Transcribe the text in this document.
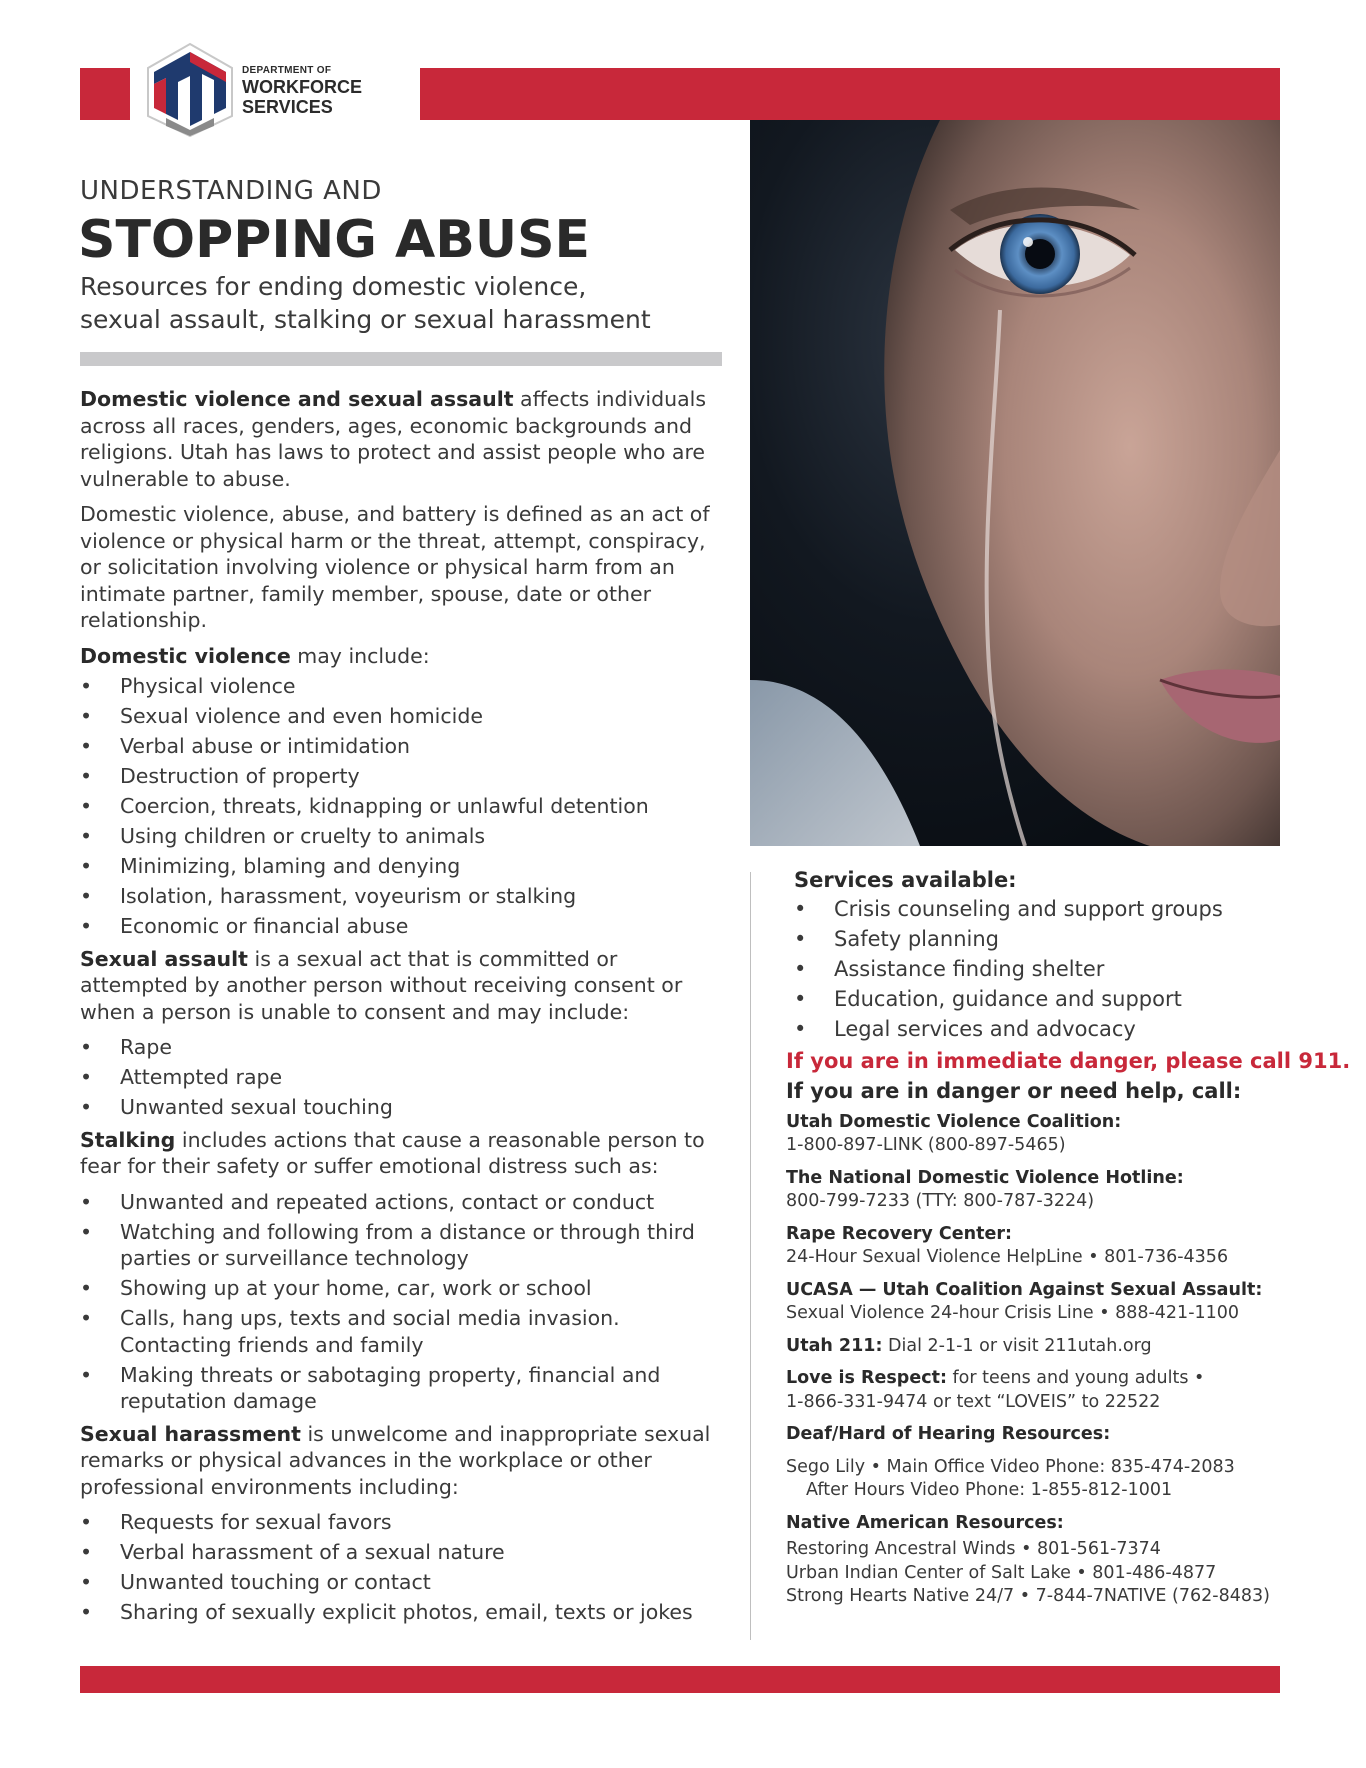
DEPARTMENT OF
WORKFORCE
SERVICES
UNDERSTANDING AND
STOPPING ABUSE
Resources for ending domestic violence,
sexual assault, stalking or sexual harassment

Domestic violence and sexual assault affects individuals across all races, genders, ages, economic backgrounds and religions. Utah has laws to protect and assist people who are vulnerable to abuse.

Domestic violence, abuse, and battery is defined as an act of violence or physical harm or the threat, attempt, conspiracy, or solicitation involving violence or physical harm from an intimate partner, family member, spouse, date or other relationship.

Domestic violence may include:

• Physical violence
• Sexual violence and even homicide
• Verbal abuse or intimidation
• Destruction of property
• Coercion, threats, kidnapping or unlawful detention
• Using children or cruelty to animals
• Minimizing, blaming and denying
• Isolation, harassment, voyeurism or stalking
• Economic or financial abuse

Sexual assault is a sexual act that is committed or attempted by another person without receiving consent or when a person is unable to consent and may include:

• Rape
• Attempted rape
• Unwanted sexual touching

Stalking includes actions that cause a reasonable person to fear for their safety or suffer emotional distress such as:

• Unwanted and repeated actions, contact or conduct
• Watching and following from a distance or through third parties or surveillance technology
• Showing up at your home, car, work or school
• Calls, hang ups, texts and social media invasion. Contacting friends and family
• Making threats or sabotaging property, financial and reputation damage

Sexual harassment is unwelcome and inappropriate sexual remarks or physical advances in the workplace or other professional environments including:

• Requests for sexual favors
• Verbal harassment of a sexual nature
• Unwanted touching or contact
• Sharing of sexually explicit photos, email, texts or jokes
Services available:
• Crisis counseling and support groups
• Safety planning
• Assistance finding shelter
• Education, guidance and support
• Legal services and advocacy
If you are in immediate danger, please call 911.
If you are in danger or need help, call:
Utah Domestic Violence Coalition:
1-800-897-LINK (800-897-5465)
The National Domestic Violence Hotline:
800-799-7233 (TTY: 800-787-3224)
Rape Recovery Center:
24-Hour Sexual Violence HelpLine • 801-736-4356
UCASA — Utah Coalition Against Sexual Assault:
Sexual Violence 24-hour Crisis Line • 888-421-1100
Utah 211: Dial 2-1-1 or visit 211utah.org
Love is Respect: for teens and young adults •
1-866-331-9474 or text “LOVEIS” to 22522
Deaf/Hard of Hearing Resources:
Sego Lily • Main Office Video Phone: 835-474-2083
After Hours Video Phone: 1-855-812-1001
Native American Resources:
Restoring Ancestral Winds • 801-561-7374
Urban Indian Center of Salt Lake • 801-486-4877
Strong Hearts Native 24/7 • 7-844-7NATIVE (762-8483)
